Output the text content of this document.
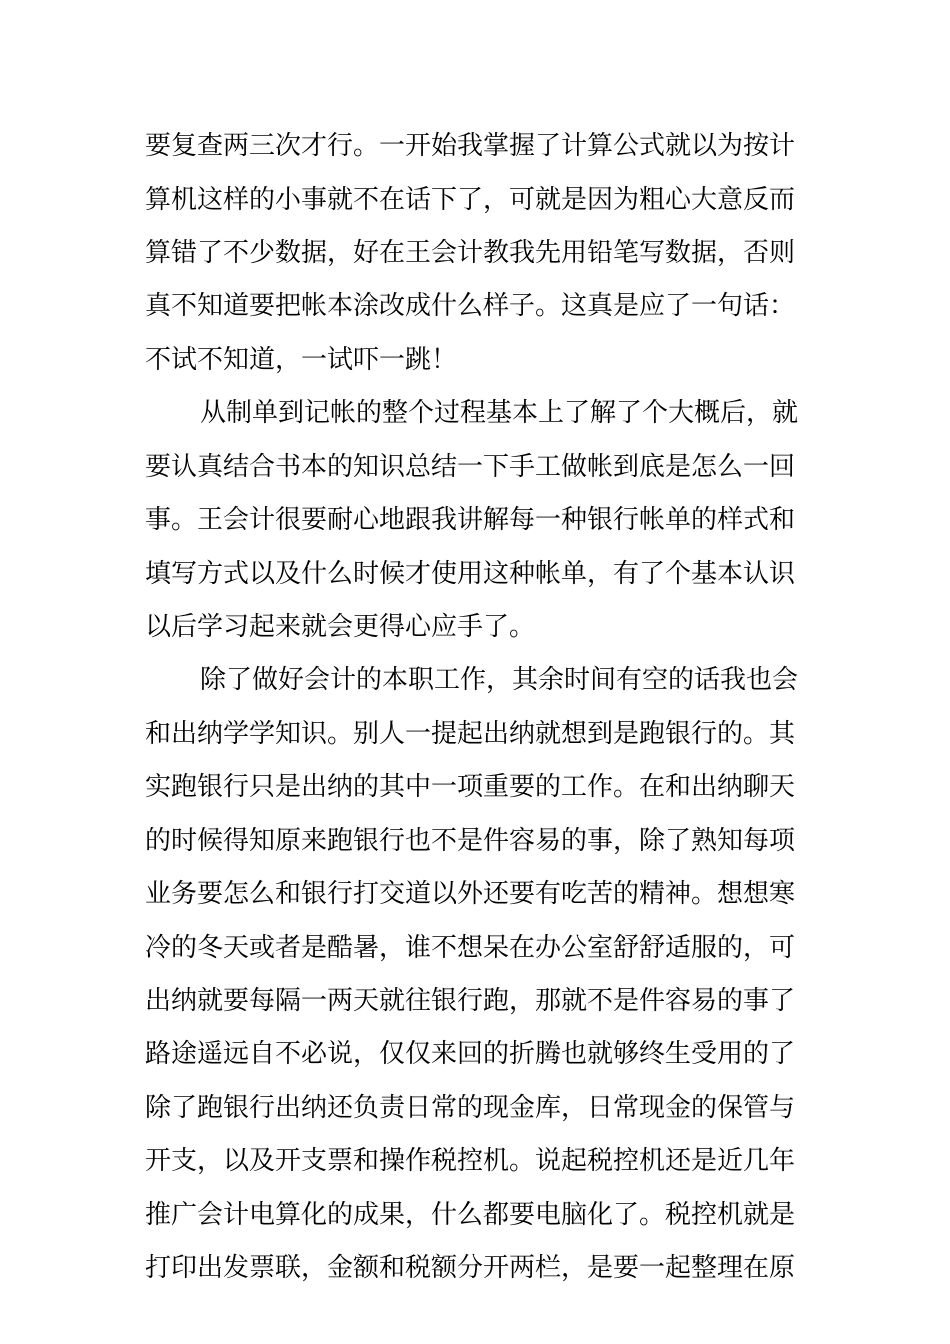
要复查两三次才行。一开始我掌握了计算公式就以为按计
算机这样的小事就不在话下了，可就是因为粗心大意反而
算错了不少数据，好在王会计教我先用铅笔写数据，否则
真不知道要把帐本涂改成什么样子。这真是应了一句话：
不试不知道，一试吓一跳！
从制单到记帐的整个过程基本上了解了个大概后，就
要认真结合书本的知识总结一下手工做帐到底是怎么一回
事。王会计很要耐心地跟我讲解每一种银行帐单的样式和
填写方式以及什么时候才使用这种帐单，有了个基本认识
以后学习起来就会更得心应手了。
除了做好会计的本职工作，其余时间有空的话我也会
和出纳学学知识。别人一提起出纳就想到是跑银行的。其
实跑银行只是出纳的其中一项重要的工作。在和出纳聊天
的时候得知原来跑银行也不是件容易的事，除了熟知每项
业务要怎么和银行打交道以外还要有吃苦的精神。想想寒
冷的冬天或者是酷暑，谁不想呆在办公室舒舒适服的，可
出纳就要每隔一两天就往银行跑，那就不是件容易的事了
路途遥远自不必说，仅仅来回的折腾也就够终生受用的了
除了跑银行出纳还负责日常的现金库，日常现金的保管与
开支，以及开支票和操作税控机。说起税控机还是近几年
推广会计电算化的成果，什么都要电脑化了。税控机就是
打印出发票联，金额和税额分开两栏，是要一起整理在原
